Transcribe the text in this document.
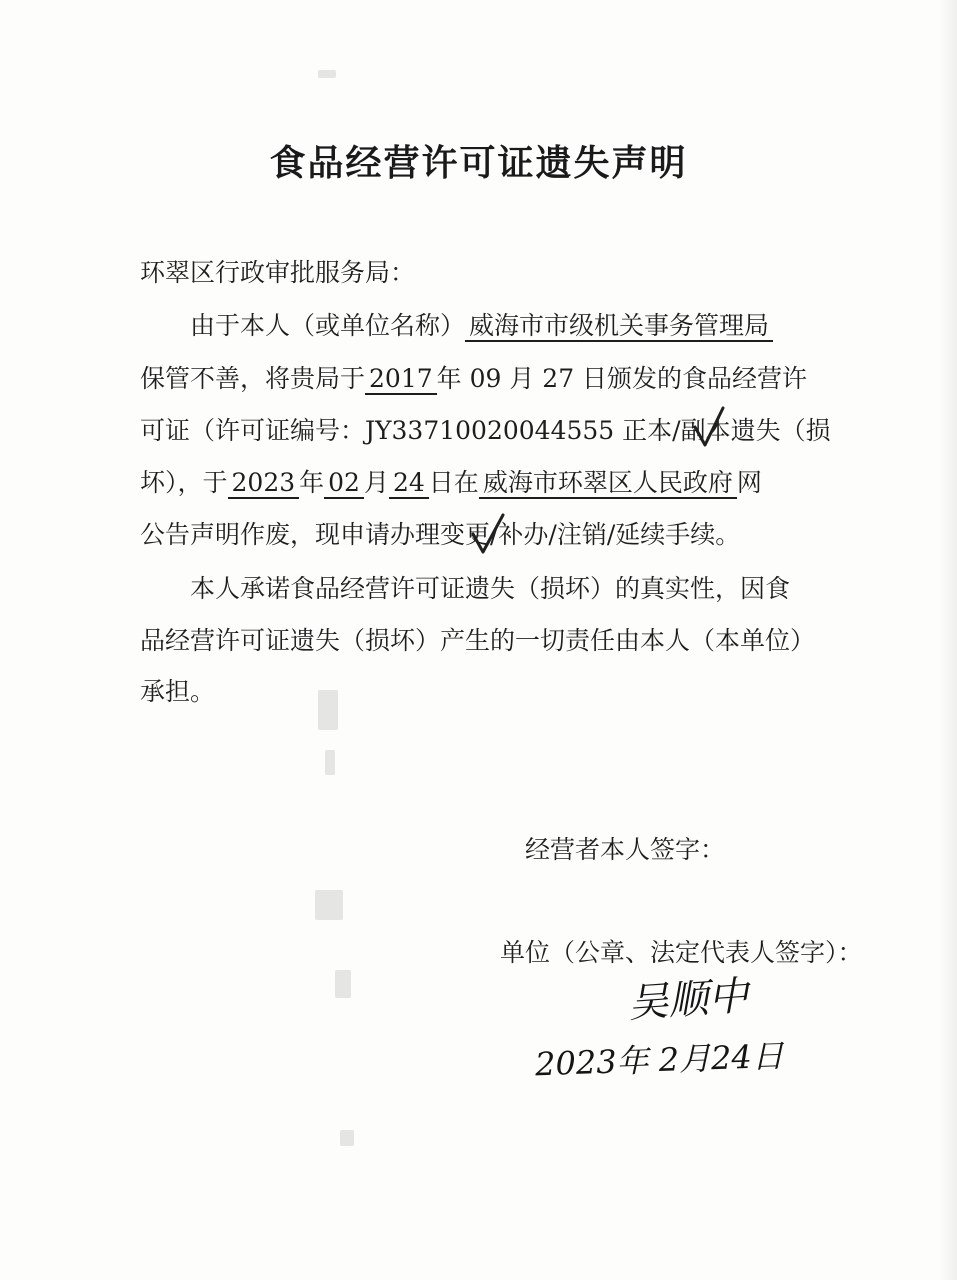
食品经营许可证遗失声明
环翠区行政审批服务局：
由于本人（或单位名称） 威海市市级机关事务管理局
保管不善，将贵局于 2017 年 09 月 27 日颁发的食品经营许
可证（许可证编号：JY33710020044555 正本/副本遗失（损
坏），于 2023 年 02 月 24 日在 威海市环翠区人民政府 网
公告声明作废，现申请办理变更/补办/注销/延续手续。
本人承诺食品经营许可证遗失（损坏）的真实性，因食
品经营许可证遗失（损坏）产生的一切责任由本人（本单位）
承担。
经营者本人签字：
单位（公章、法定代表人签字）：
吴顺中
2023年 2月24日
